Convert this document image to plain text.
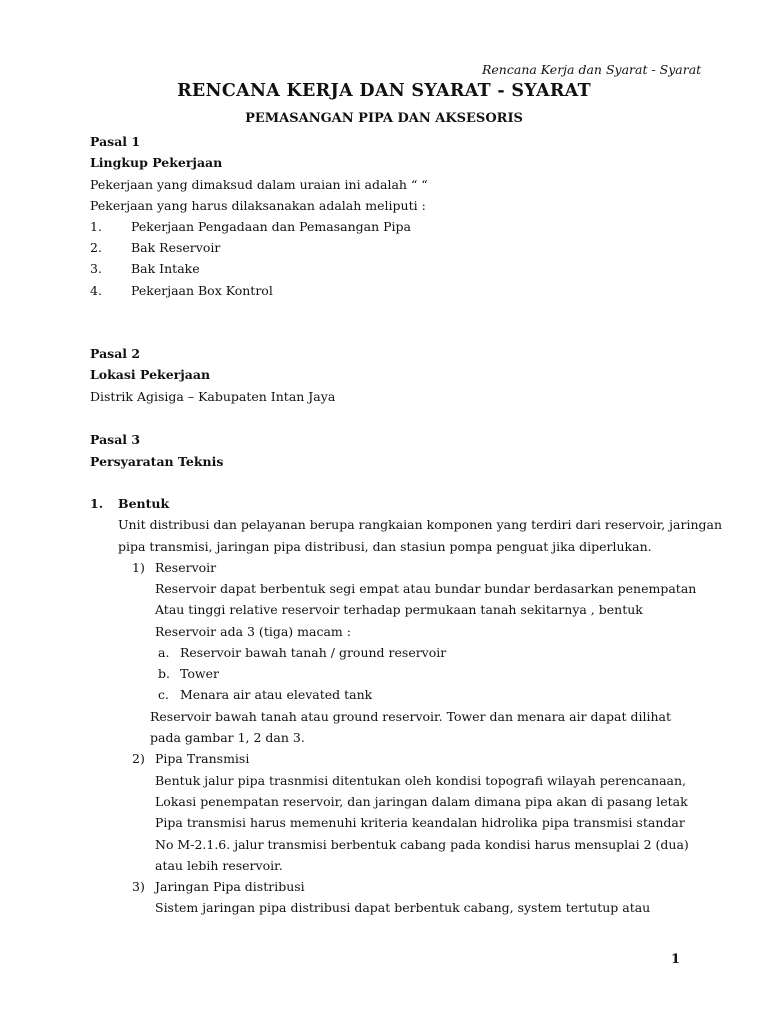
Rencana Kerja dan Syarat - Syarat
RENCANA KERJA DAN SYARAT - SYARAT
PEMASANGAN PIPA DAN AKSESORIS
Pasal 1
Lingkup Pekerjaan
Pekerjaan yang dimaksud dalam uraian ini adalah “ “
Pekerjaan yang harus dilaksanakan adalah meliputi :
1. Pekerjaan Pengadaan dan Pemasangan Pipa
2. Bak Reservoir
3. Bak Intake
4. Pekerjaan Box Kontrol
Pasal 2
Lokasi Pekerjaan
Distrik Agisiga – Kabupaten Intan Jaya
Pasal 3
Persyaratan Teknis
1. Bentuk
Unit distribusi dan pelayanan berupa rangkaian komponen yang terdiri dari reservoir, jaringan
pipa transmisi, jaringan pipa distribusi, dan stasiun pompa penguat jika diperlukan.
1) Reservoir
Reservoir dapat berbentuk segi empat atau bundar bundar berdasarkan penempatan
Atau tinggi relative reservoir terhadap permukaan tanah sekitarnya , bentuk
Reservoir ada 3 (tiga) macam :
a. Reservoir bawah tanah / ground reservoir
b. Tower
c. Menara air atau elevated tank
Reservoir bawah tanah atau ground reservoir. Tower dan menara air dapat dilihat
pada gambar 1, 2 dan 3.
2) Pipa Transmisi
Bentuk jalur pipa trasnmisi ditentukan oleh kondisi topografi wilayah perencanaan,
Lokasi penempatan reservoir, dan jaringan dalam dimana pipa akan di pasang letak
Pipa transmisi harus memenuhi kriteria keandalan hidrolika pipa transmisi standar
No M-2.1.6. jalur transmisi berbentuk cabang pada kondisi harus mensuplai 2 (dua)
atau lebih reservoir.
3) Jaringan Pipa distribusi
Sistem jaringan pipa distribusi dapat berbentuk cabang, system tertutup atau
1
